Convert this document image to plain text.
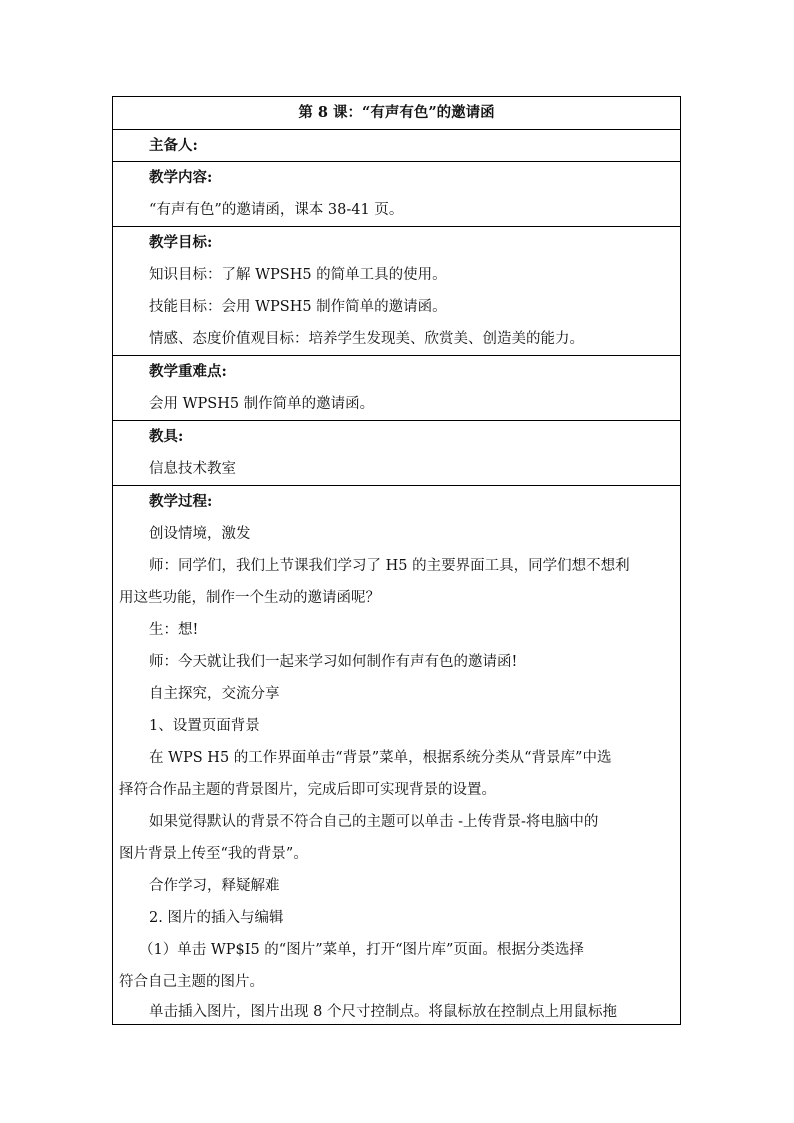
第 8 课：“有声有色”的邀请函

主备人:

教学内容:
“有声有色”的邀请函，课本 38-41 页。

教学目标:
知识目标：了解 WPSH5 的简单工具的使用。
技能目标：会用 WPSH5 制作简单的邀请函。
情感、态度价值观目标：培养学生发现美、欣赏美、创造美的能力。

教学重难点:
会用 WPSH5 制作简单的邀请函。

教具:
信息技术教室

教学过程:
创设情境，激发
师：同学们，我们上节课我们学习了 H5 的主要界面工具，同学们想不想利
用这些功能，制作一个生动的邀请函呢？
生：想!
师：今天就让我们一起来学习如何制作有声有色的邀请函!
自主探究，交流分享
1、设置页面背景
在 WPS H5 的工作界面单击“背景”菜单，根据系统分类从“背景库”中选
择符合作品主题的背景图片，完成后即可实现背景的设置。
如果觉得默认的背景不符合自己的主题可以单击 -上传背景-将电脑中的
图片背景上传至“我的背景”。
合作学习，释疑解难
2. 图片的插入与编辑
（1）单击 WP$I5 的“图片”菜单，打开“图片库”页面。根据分类选择
符合自己主题的图片。
单击插入图片，图片出现 8 个尺寸控制点。将鼠标放在控制点上用鼠标拖
